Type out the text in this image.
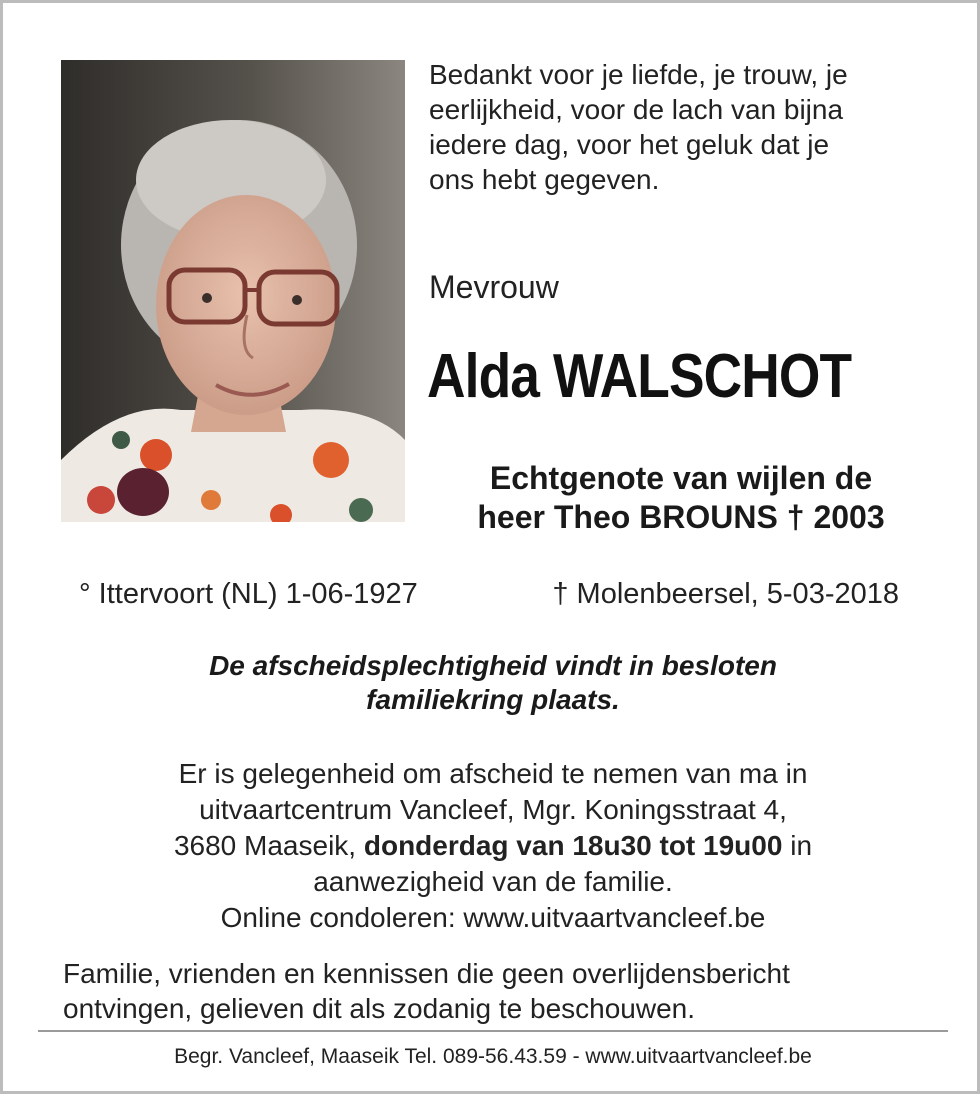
Bedankt voor je liefde, je trouw, je
eerlijkheid, voor de lach van bijna
iedere dag, voor het geluk dat je
ons hebt gegeven.
Mevrouw
Alda WALSCHOT
Echtgenote van wijlen de
heer Theo BROUNS † 2003
° Ittervoort (NL) 1-06-1927	† Molenbeersel, 5-03-2018
De afscheidsplechtigheid vindt in besloten
familiekring plaats.
Er is gelegenheid om afscheid te nemen van ma in
uitvaartcentrum Vancleef, Mgr. Koningsstraat 4,
3680 Maaseik, donderdag van 18u30 tot 19u00 in
aanwezigheid van de familie.
Online condoleren: www.uitvaartvancleef.be
Familie, vrienden en kennissen die geen overlijdensbericht
ontvingen, gelieven dit als zodanig te beschouwen.
Begr. Vancleef, Maaseik Tel. 089-56.43.59 - www.uitvaartvancleef.be
